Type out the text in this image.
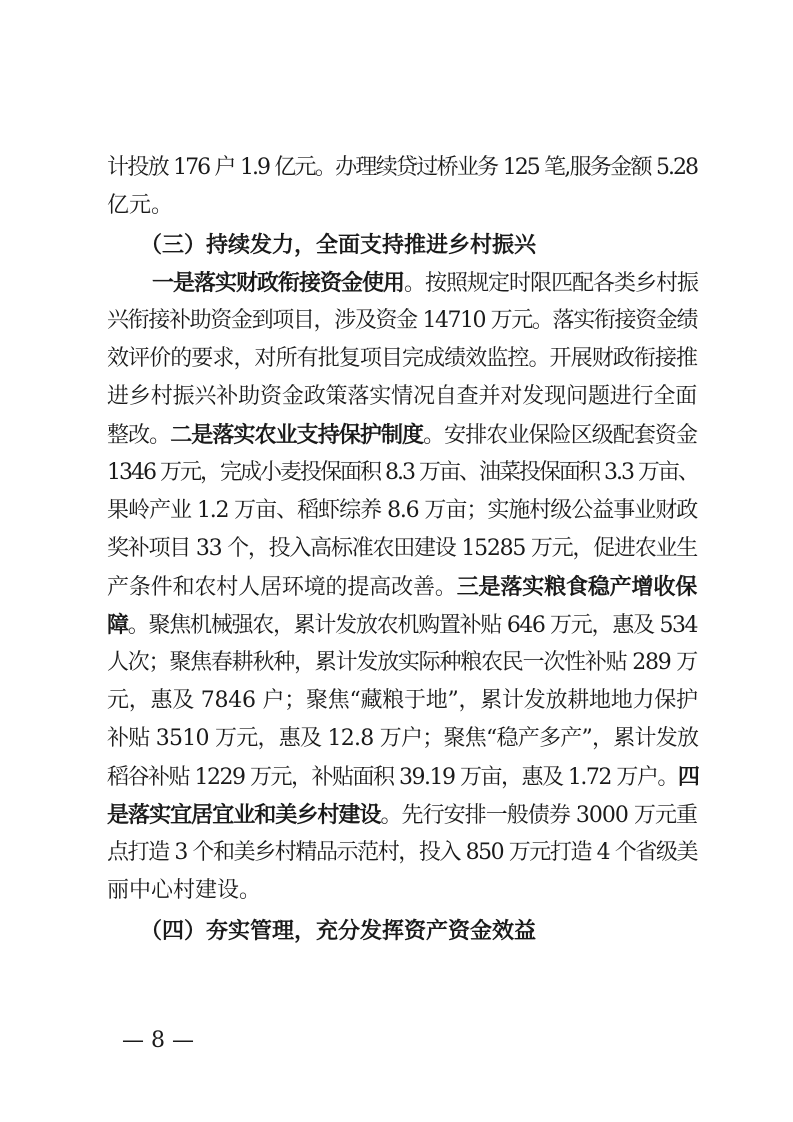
计投放 176 户 1.9 亿元。办理续贷过桥业务 125 笔,服务金额 5.28
亿元。
（三）持续发力，全面支持推进乡村振兴
一是落实财政衔接资金使用。按照规定时限匹配各类乡村振
兴衔接补助资金到项目，涉及资金 14710 万元。落实衔接资金绩
效评价的要求，对所有批复项目完成绩效监控。开展财政衔接推
进乡村振兴补助资金政策落实情况自查并对发现问题进行全面
整改。二是落实农业支持保护制度。安排农业保险区级配套资金
1346 万元，完成小麦投保面积 8.3 万亩、油菜投保面积 3.3 万亩、
果岭产业 1.2 万亩、稻虾综养 8.6 万亩；实施村级公益事业财政
奖补项目 33 个，投入高标准农田建设 15285 万元，促进农业生
产条件和农村人居环境的提高改善。三是落实粮食稳产增收保
障。聚焦机械强农，累计发放农机购置补贴 646 万元，惠及 534
人次；聚焦春耕秋种，累计发放实际种粮农民一次性补贴 289 万
元，惠及 7846 户；聚焦“藏粮于地”，累计发放耕地地力保护
补贴 3510 万元，惠及 12.8 万户；聚焦“稳产多产”，累计发放
稻谷补贴 1229 万元，补贴面积 39.19 万亩，惠及 1.72 万户。四
是落实宜居宜业和美乡村建设。先行安排一般债券 3000 万元重
点打造 3 个和美乡村精品示范村，投入 850 万元打造 4 个省级美
丽中心村建设。
（四）夯实管理，充分发挥资产资金效益
— 8 —
